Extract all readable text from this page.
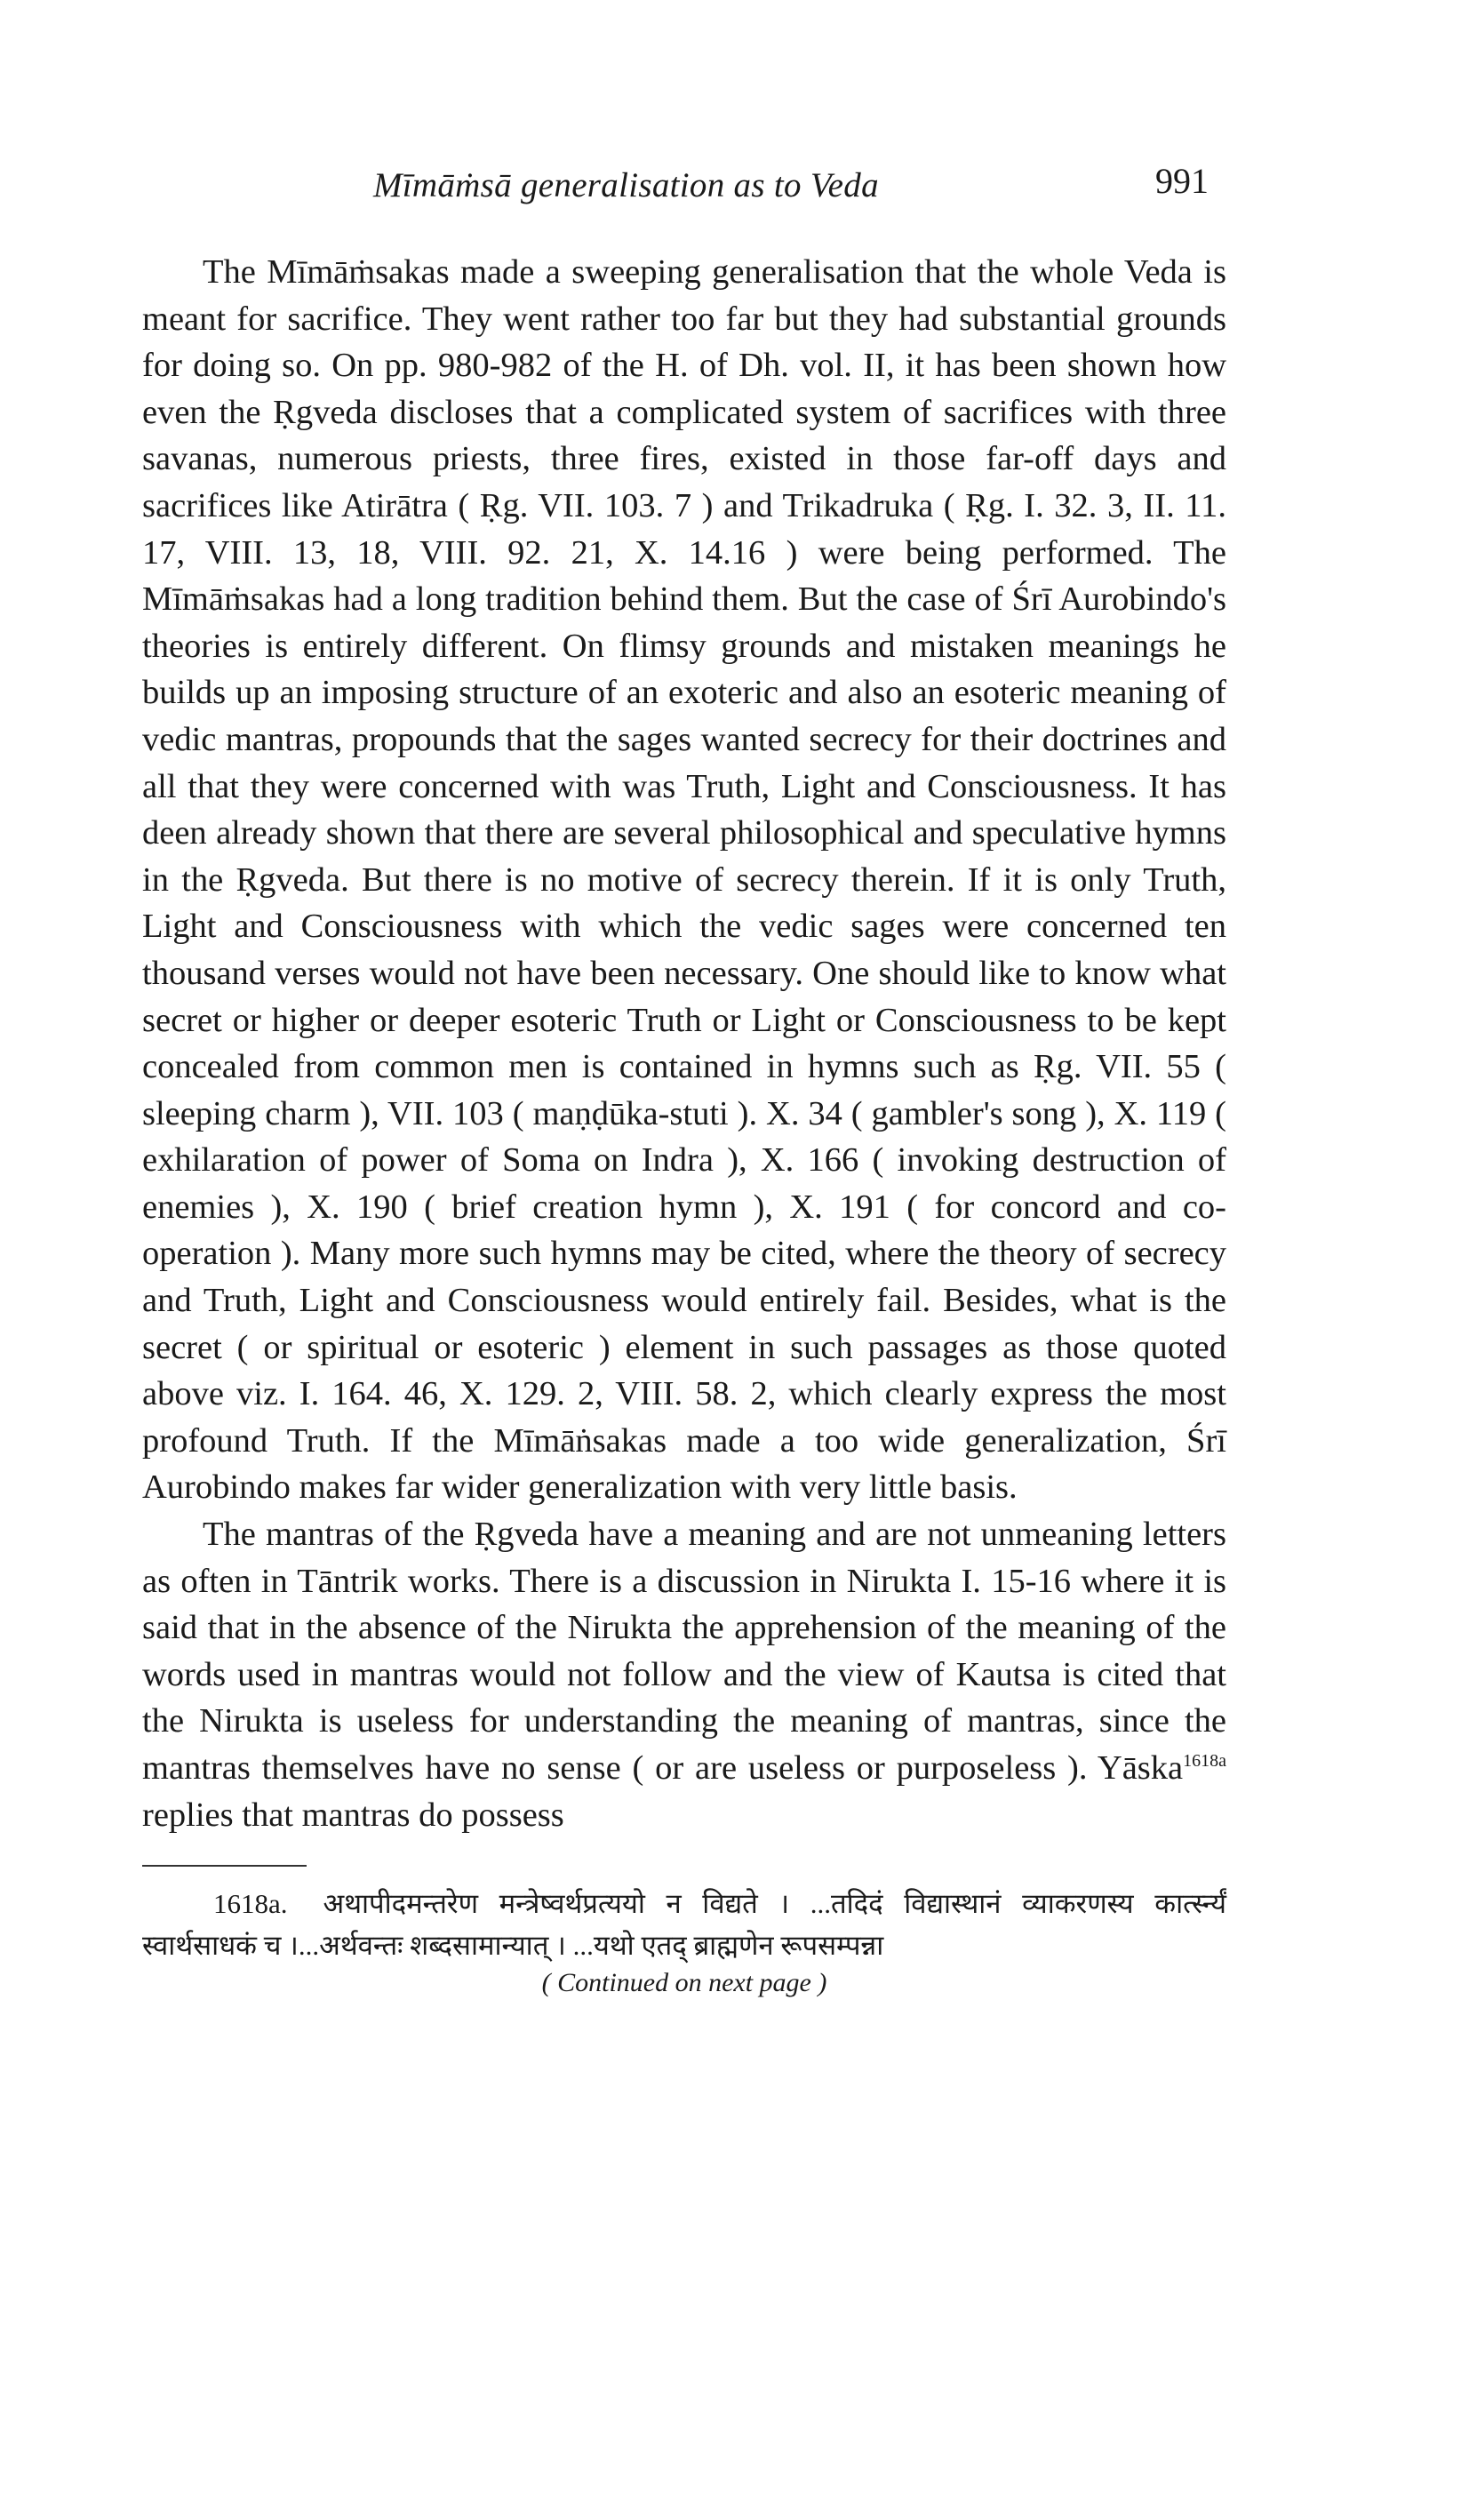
Mīmāṁsā generalisation as to Veda	991

The Mīmāṁsakas made a sweeping generalisation that the whole Veda is meant for sacrifice. They went rather too far but they had substantial grounds for doing so. On pp. 980-982 of the H. of Dh. vol. II, it has been shown how even the Ṛgveda discloses that a complicated system of sacrifices with three savanas, numerous priests, three fires, existed in those far-off days and sacrifices like Atirātra ( Ṛg. VII. 103. 7 ) and Trikadruka ( Ṛg. I. 32. 3, II. 11. 17, VIII. 13, 18, VIII. 92. 21, X. 14.16 ) were being performed. The Mīmāṁsakas had a long tradition behind them. But the case of Śrī Aurobindo's theories is entirely different. On flimsy grounds and mistaken meanings he builds up an imposing structure of an exoteric and also an esoteric meaning of vedic mantras, propounds that the sages wanted secrecy for their doctrines and all that they were concerned with was Truth, Light and Consciousness. It has deen already shown that there are several philosophical and speculative hymns in the Ṛgveda. But there is no motive of secrecy therein. If it is only Truth, Light and Consciousness with which the vedic sages were concerned ten thousand verses would not have been necessary. One should like to know what secret or higher or deeper esoteric Truth or Light or Consciousness to be kept concealed from common men is contained in hymns such as Ṛg. VII. 55 ( sleeping charm ), VII. 103 ( maṇḍūka-stuti ). X. 34 ( gambler's song ), X. 119 ( exhilaration of power of Soma on Indra ), X. 166 ( invoking destruction of enemies ), X. 190 ( brief creation hymn ), X. 191 ( for concord and co-operation ). Many more such hymns may be cited, where the theory of secrecy and Truth, Light and Consciousness would entirely fail. Besides, what is the secret ( or spiritual or esoteric ) element in such passages as those quoted above viz. I. 164. 46, X. 129. 2, VIII. 58. 2, which clearly express the most profound Truth. If the Mīmāṅsakas made a too wide generalization, Śrī Aurobindo makes far wider generalization with very little basis.

The mantras of the Ṛgveda have a meaning and are not unmeaning letters as often in Tāntrik works. There is a discussion in Nirukta I. 15-16 where it is said that in the absence of the Nirukta the apprehension of the meaning of the words used in mantras would not follow and the view of Kautsa is cited that the Nirukta is useless for understanding the meaning of mantras, since the mantras themselves have no sense ( or are useless or purposeless ). Yāska$^{1618a}$ replies that mantras do possess

1618a. अथापीदमन्तरेण मन्त्रेष्वर्थप्रत्ययो न विद्यते । ...तदिदं विद्यास्थानं व्याकरणस्य कार्त्स्न्यं स्वार्थसाधकं च ।...अर्थवन्तः शब्दसामान्यात् । ...यथो एतद् ब्राह्मणेन रूपसम्पन्ना

( Continued on next page )
